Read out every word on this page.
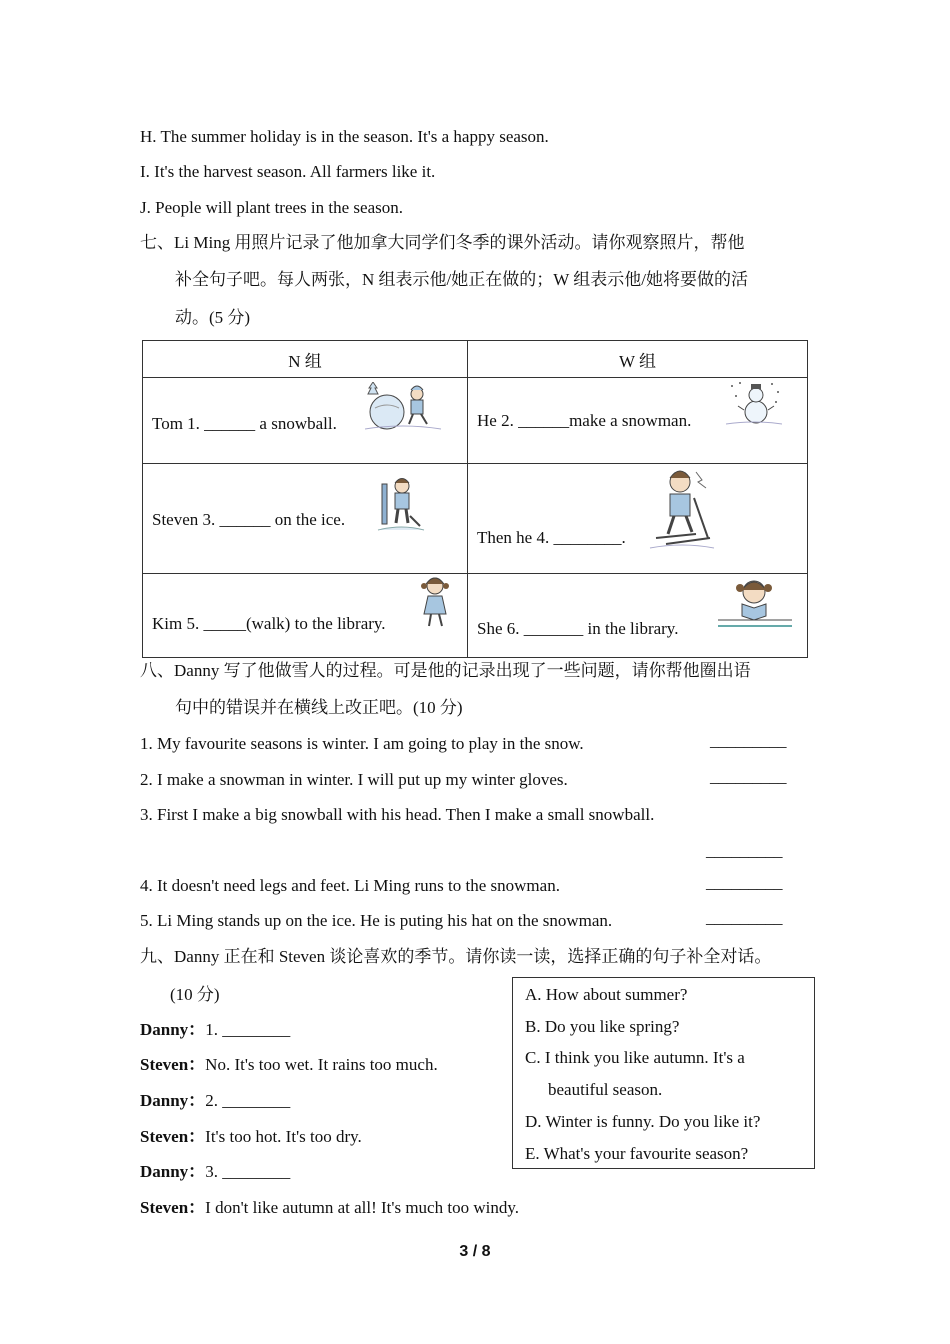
H. The summer holiday is in the season. It's a happy season.
I. It's the harvest season. All farmers like it.
J. People will plant trees in the season.
七、Li Ming 用照片记录了他加拿大同学们冬季的课外活动。请你观察照片，帮他
补全句子吧。每人两张，N 组表示他/她正在做的；W 组表示他/她将要做的活
动。(5 分)
N 组	W 组

Tom 1. ______ a snowball.	He 2. ______make a snowman.

Steven 3. ______ on the ice.	Then he 4. ________.

Kim 5. _____(walk) to the library.	She 6. _______ in the library.
八、Danny 写了他做雪人的过程。可是他的记录出现了一些问题，请你帮他圈出语
句中的错误并在横线上改正吧。(10 分)
1. My favourite seasons is winter. I am going to play in the snow.	_________
2. I make a snowman in winter. I will put up my winter gloves.	_________
3. First I make a big snowball with his head. Then I make a small snowball.
_________
4. It doesn't need legs and feet. Li Ming runs to the snowman.	_________
5. Li Ming stands up on the ice. He is puting his hat on the snowman.	_________
九、Danny 正在和 Steven 谈论喜欢的季节。请你读一读，选择正确的句子补全对话。
(10 分)
Danny：1. ________
Steven：No. It's too wet. It rains too much.
Danny：2. ________
Steven：It's too hot. It's too dry.
Danny：3. ________
Steven：I don't like autumn at all! It's much too windy.
A. How about summer?
B. Do you like spring?
C. I think you like autumn. It's a
beautiful season.
D. Winter is funny. Do you like it?
E. What's your favourite season?
3 / 8
